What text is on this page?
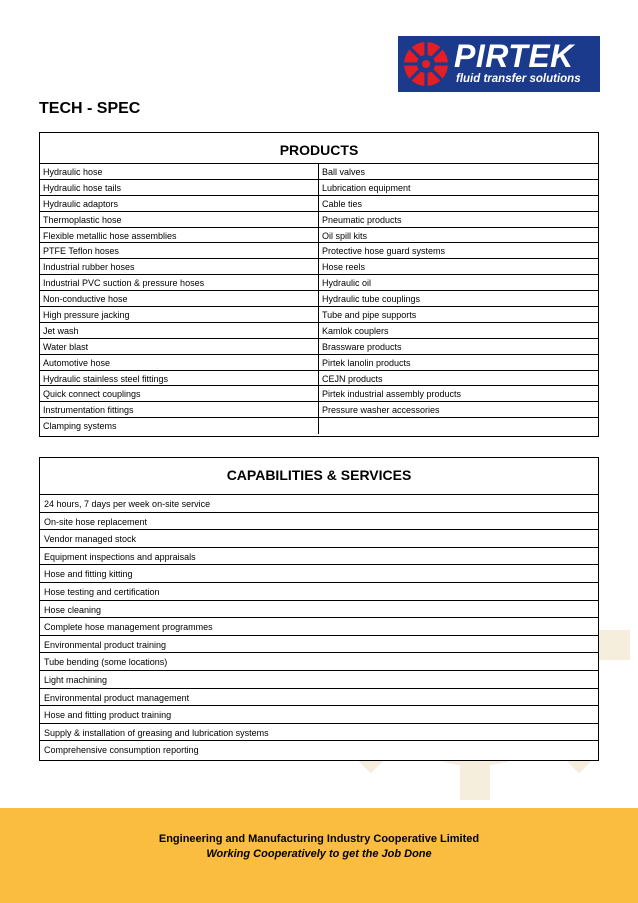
PIRTEK
fluid transfer solutions
TECH - SPEC
PRODUCTS
Hydraulic hose	Ball valves
Hydraulic hose tails	Lubrication equipment
Hydraulic adaptors	Cable ties
Thermoplastic hose	Pneumatic products
Flexible metallic hose assemblies	Oil spill kits
PTFE Teflon hoses	Protective hose guard systems
Industrial rubber hoses	Hose reels
Industrial PVC suction & pressure hoses	Hydraulic oil
Non-conductive hose	Hydraulic tube couplings
High pressure jacking	Tube and pipe supports
Jet wash	Kamlok couplers
Water blast	Brassware products
Automotive hose	Pirtek lanolin products
Hydraulic stainless steel fittings	CEJN products
Quick connect couplings	Pirtek industrial assembly products
Instrumentation fittings	Pressure washer accessories
Clamping systems
CAPABILITIES & SERVICES
24 hours, 7 days per week on-site service
On-site hose replacement
Vendor managed stock
Equipment inspections and appraisals
Hose and fitting kitting
Hose testing and certification
Hose cleaning
Complete hose management programmes
Environmental product training
Tube bending (some locations)
Light machining
Environmental product management
Hose and fitting product training
Supply & installation of greasing and lubrication systems
Comprehensive consumption reporting
Engineering and Manufacturing Industry Cooperative Limited
Working Cooperatively to get the Job Done
